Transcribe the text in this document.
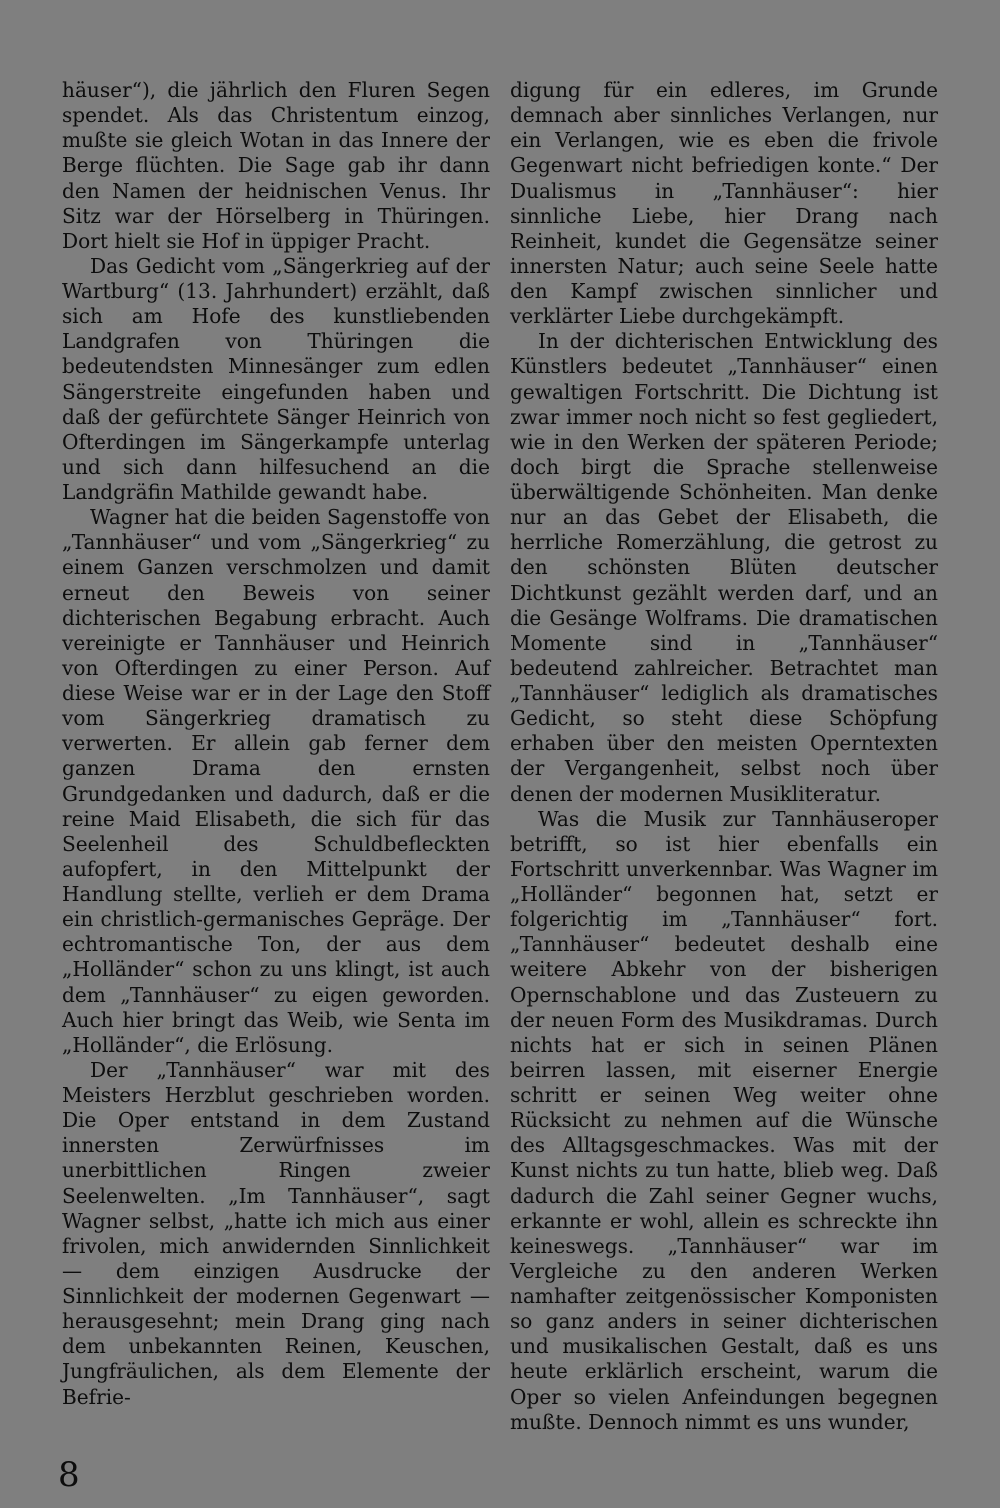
häuser“), die jährlich den Fluren Segen spendet. Als das Christentum einzog, mußte sie gleich Wotan in das Innere der Berge flüchten. Die Sage gab ihr dann den Namen der heidnischen Venus. Ihr Sitz war der Hörselberg in Thüringen. Dort hielt sie Hof in üppiger Pracht.

Das Gedicht vom „Sängerkrieg auf der Wartburg“ (13. Jahrhundert) erzählt, daß sich am Hofe des kunstliebenden Landgrafen von Thüringen die bedeutendsten Minnesänger zum edlen Sängerstreite eingefunden haben und daß der gefürchtete Sänger Heinrich von Ofterdingen im Sängerkampfe unterlag und sich dann hilfesuchend an die Landgräfin Mathilde gewandt habe.

Wagner hat die beiden Sagenstoffe von „Tannhäuser“ und vom „Sängerkrieg“ zu einem Ganzen verschmolzen und damit erneut den Beweis von seiner dichterischen Begabung erbracht. Auch vereinigte er Tannhäuser und Heinrich von Ofterdingen zu einer Person. Auf diese Weise war er in der Lage den Stoff vom Sängerkrieg dramatisch zu verwerten. Er allein gab ferner dem ganzen Drama den ernsten Grundgedanken und dadurch, daß er die reine Maid Elisabeth, die sich für das Seelenheil des Schuldbefleckten aufopfert, in den Mittelpunkt der Handlung stellte, verlieh er dem Drama ein christlich-germanisches Gepräge. Der echtromantische Ton, der aus dem „Holländer“ schon zu uns klingt, ist auch dem „Tannhäuser“ zu eigen geworden. Auch hier bringt das Weib, wie Senta im „Holländer“, die Erlösung.

Der „Tannhäuser“ war mit des Meisters Herzblut geschrieben worden. Die Oper entstand in dem Zustand innersten Zerwürfnisses im unerbittlichen Ringen zweier Seelenwelten. „Im Tannhäuser“, sagt Wagner selbst, „hatte ich mich aus einer frivolen, mich anwidernden Sinnlichkeit — dem einzigen Ausdrucke der Sinnlichkeit der modernen Gegenwart — herausgesehnt; mein Drang ging nach dem unbekannten Reinen, Keuschen, Jungfräulichen, als dem Elemente der Befrie-

digung für ein edleres, im Grunde demnach aber sinnliches Verlangen, nur ein Verlangen, wie es eben die frivole Gegenwart nicht befriedigen konte.“ Der Dualismus in „Tannhäuser“: hier sinnliche Liebe, hier Drang nach Reinheit, kundet die Gegensätze seiner innersten Natur; auch seine Seele hatte den Kampf zwischen sinnlicher und verklärter Liebe durchgekämpft.

In der dichterischen Entwicklung des Künstlers bedeutet „Tannhäuser“ einen gewaltigen Fortschritt. Die Dichtung ist zwar immer noch nicht so fest gegliedert, wie in den Werken der späteren Periode; doch birgt die Sprache stellenweise überwältigende Schönheiten. Man denke nur an das Gebet der Elisabeth, die herrliche Romerzählung, die getrost zu den schönsten Blüten deutscher Dichtkunst gezählt werden darf, und an die Gesänge Wolframs. Die dramatischen Momente sind in „Tannhäuser“ bedeutend zahlreicher. Betrachtet man „Tannhäuser“ lediglich als dramatisches Gedicht, so steht diese Schöpfung erhaben über den meisten Operntexten der Vergangenheit, selbst noch über denen der modernen Musikliteratur.

Was die Musik zur Tannhäuseroper betrifft, so ist hier ebenfalls ein Fortschritt unverkennbar. Was Wagner im „Holländer“ begonnen hat, setzt er folgerichtig im „Tannhäuser“ fort. „Tannhäuser“ bedeutet deshalb eine weitere Abkehr von der bisherigen Opernschablone und das Zusteuern zu der neuen Form des Musikdramas. Durch nichts hat er sich in seinen Plänen beirren lassen, mit eiserner Energie schritt er seinen Weg weiter ohne Rücksicht zu nehmen auf die Wünsche des Alltagsgeschmackes. Was mit der Kunst nichts zu tun hatte, blieb weg. Daß dadurch die Zahl seiner Gegner wuchs, erkannte er wohl, allein es schreckte ihn keineswegs. „Tannhäuser“ war im Vergleiche zu den anderen Werken namhafter zeitgenössischer Komponisten so ganz anders in seiner dichterischen und musikalischen Gestalt, daß es uns heute erklärlich erscheint, warum die Oper so vielen Anfeindungen begegnen mußte. Dennoch nimmt es uns wunder,

8
